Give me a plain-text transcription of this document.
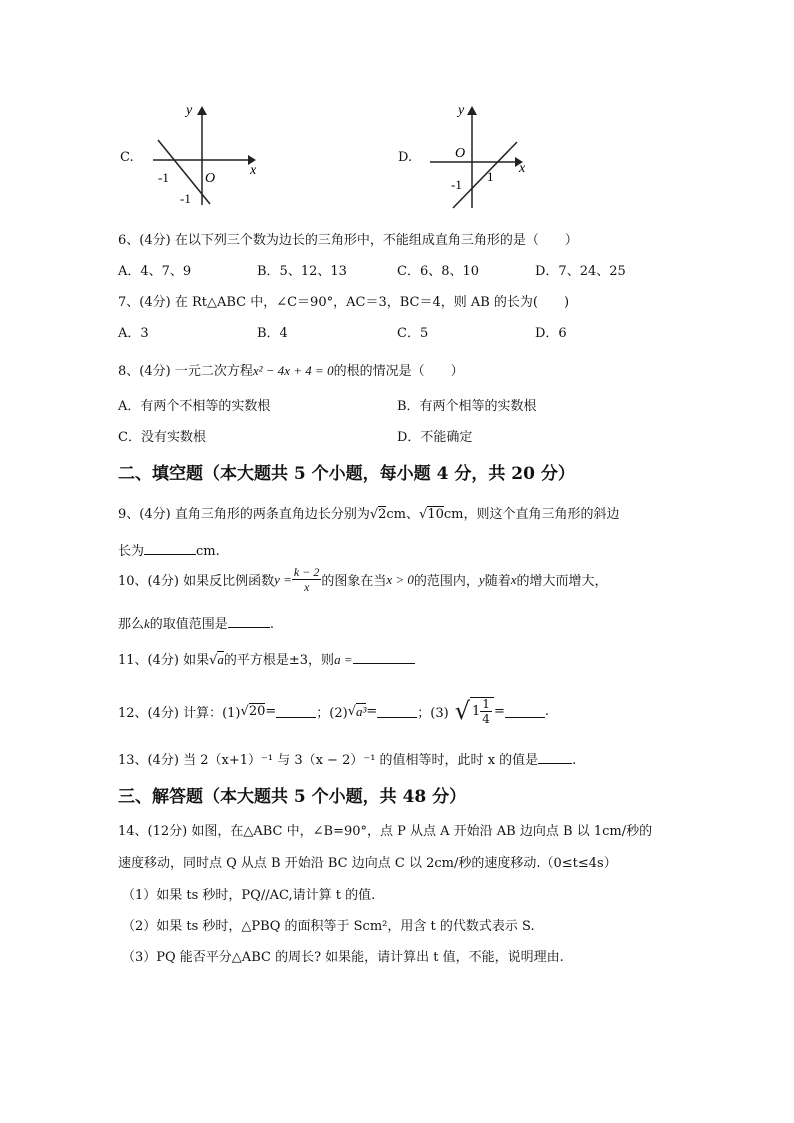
C.
y
x
O
-1
-1
D.
y
x
O
1
-1
6、(4分) 在以下列三个数为边长的三角形中，不能组成直角三角形的是（　　）
A．4、7、9	B．5、12、13	C．6、8、10	D．7、24、25
7、(4分) 在 Rt△ABC 中，∠C＝90°，AC＝3，BC＝4，则 AB 的长为(　　)
A．3	B．4	C．5	D．6
8、(4分) 一元二次方程x² − 4x + 4 = 0的根的情况是（　　）
A．有两个不相等的实数根	B．有两个相等的实数根
C．没有实数根	D．不能确定
二、填空题（本大题共 5 个小题，每小题 4 分，共 20 分）
9、(4分) 直角三角形的两条直角边长分别为√2cm、√10cm，则这个直角三角形的斜边
长为	cm.
10、(4分) 如果反比例函数 $y = \frac{k - 2}{x}$ 的图象在当 x > 0 的范围内， y 随着 x 的增大而增大，
那么k的取值范围是	.
11、(4分) 如果√a的平方根是±3，则a =
12、(4分) 计算：(1) √ 20 =	；(2) √ a³ =	；(3) √ $1 \frac{1}{4}$ =	.
13、(4分) 当 2（x+1）⁻¹ 与 3（x − 2）⁻¹ 的值相等时，此时 x 的值是	.
三、解答题（本大题共 5 个小题，共 48 分）
14、(12分) 如图，在△ABC 中，∠B=90°，点 P 从点 A 开始沿 AB 边向点 B 以 1cm/秒的
速度移动，同时点 Q 从点 B 开始沿 BC 边向点 C 以 2cm/秒的速度移动.（0≤t≤4s）
（1）如果 ts 秒时，PQ//AC,请计算 t 的值.
（2）如果 ts 秒时，△PBQ 的面积等于 Scm²，用含 t 的代数式表示 S.
（3）PQ 能否平分△ABC 的周长? 如果能，请计算出 t 值，不能，说明理由.
